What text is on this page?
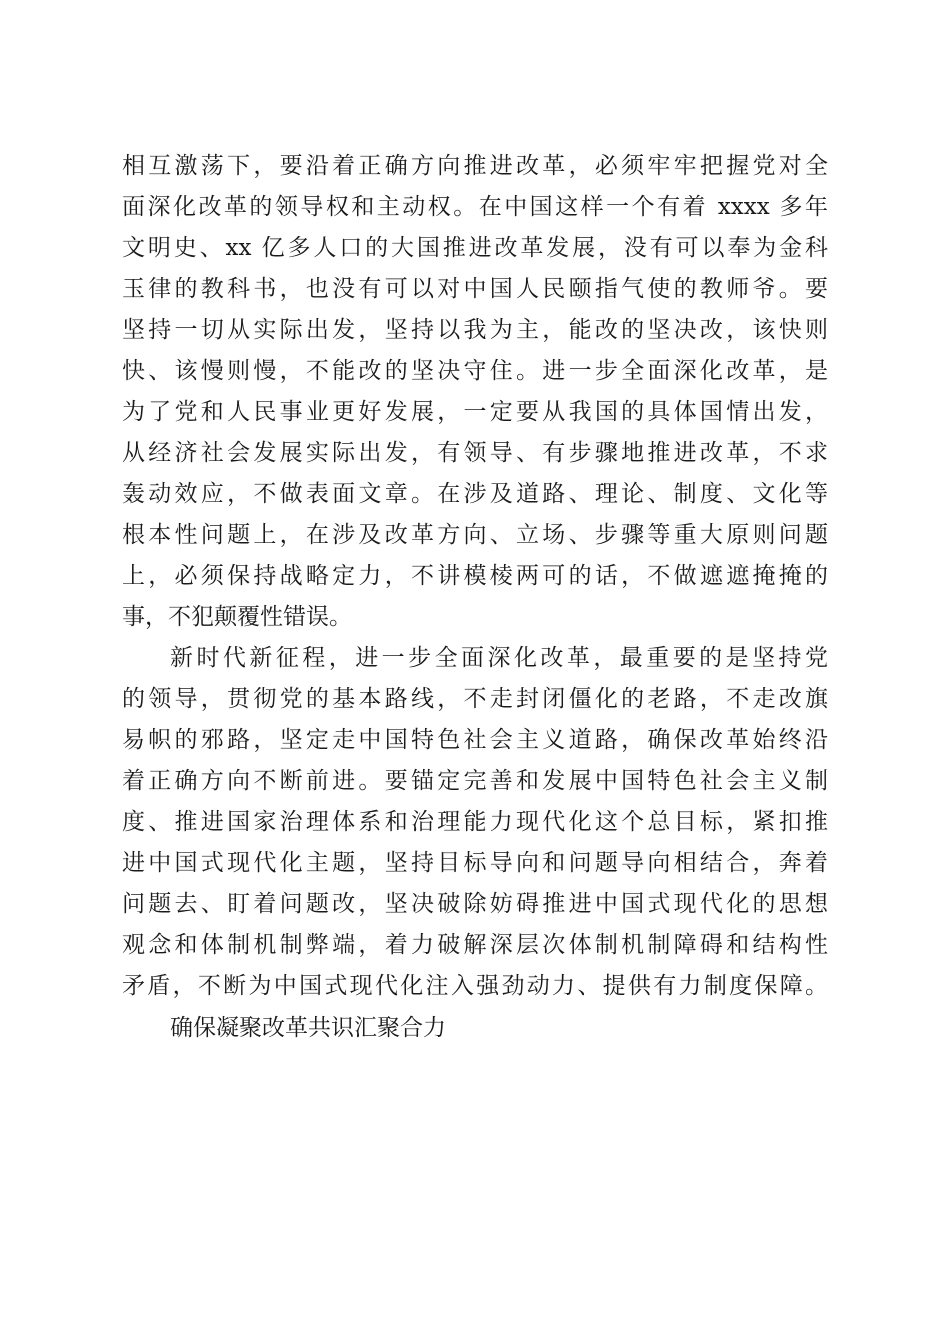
相互激荡下，要沿着正确方向推进改革，必须牢牢把握党对全
面深化改革的领导权和主动权。在中国这样一个有着 xxxx 多年
文明史、xx 亿多人口的大国推进改革发展，没有可以奉为金科
玉律的教科书，也没有可以对中国人民颐指气使的教师爷。要
坚持一切从实际出发，坚持以我为主，能改的坚决改，该快则
快、该慢则慢，不能改的坚决守住。进一步全面深化改革，是
为了党和人民事业更好发展，一定要从我国的具体国情出发，
从经济社会发展实际出发，有领导、有步骤地推进改革，不求
轰动效应，不做表面文章。在涉及道路、理论、制度、文化等
根本性问题上，在涉及改革方向、立场、步骤等重大原则问题
上，必须保持战略定力，不讲模棱两可的话，不做遮遮掩掩的
事，不犯颠覆性错误。
新时代新征程，进一步全面深化改革，最重要的是坚持党
的领导，贯彻党的基本路线，不走封闭僵化的老路，不走改旗
易帜的邪路，坚定走中国特色社会主义道路，确保改革始终沿
着正确方向不断前进。要锚定完善和发展中国特色社会主义制
度、推进国家治理体系和治理能力现代化这个总目标，紧扣推
进中国式现代化主题，坚持目标导向和问题导向相结合，奔着
问题去、盯着问题改，坚决破除妨碍推进中国式现代化的思想
观念和体制机制弊端，着力破解深层次体制机制障碍和结构性
矛盾，不断为中国式现代化注入强劲动力、提供有力制度保障。
确保凝聚改革共识汇聚合力
